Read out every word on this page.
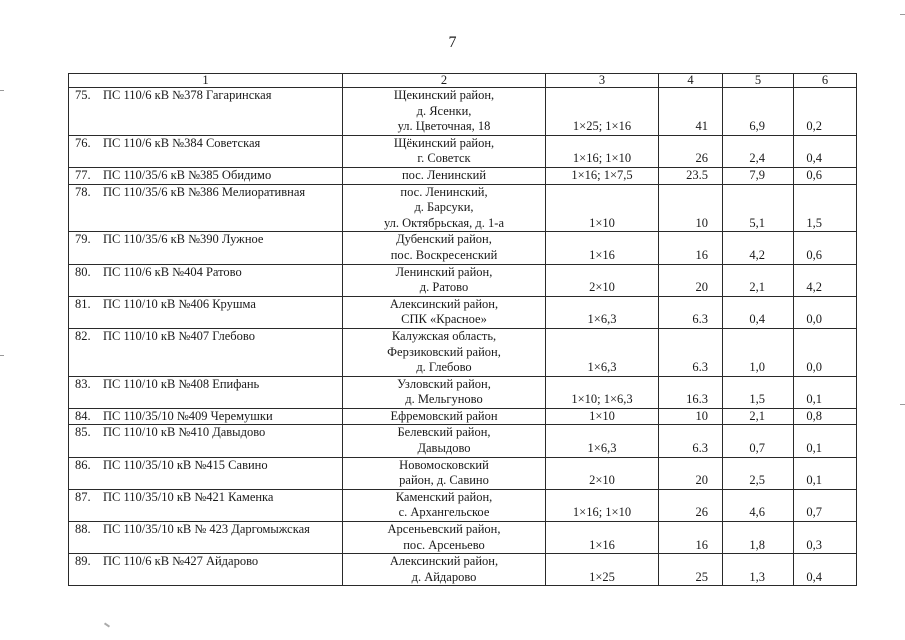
7
1	2	3	4	5	6
75. ПС 110/6 кВ №378 Гагаринская	Щекинский район,
д. Ясенки,
ул. Цветочная, 18	1×25; 1×16	41	6,9	0,2
76. ПС 110/6 кВ №384 Советская	Щёкинский район,
г. Советск	1×16; 1×10	26	2,4	0,4
77. ПС 110/35/6 кВ №385 Обидимо	пос. Ленинский	1×16; 1×7,5	23.5	7,9	0,6
78. ПС 110/35/6 кВ №386 Мелиоративная	пос. Ленинский,
д. Барсуки,
ул. Октябрьская, д. 1-а	1×10	10	5,1	1,5
79. ПС 110/35/6 кВ №390 Лужное	Дубенский район,
пос. Воскресенский	1×16	16	4,2	0,6
80. ПС 110/6 кВ №404 Ратово	Ленинский район,
д. Ратово	2×10	20	2,1	4,2
81. ПС 110/10 кВ №406 Крушма	Алексинский район,
СПК «Красное»	1×6,3	6.3	0,4	0,0
82. ПС 110/10 кВ №407 Глебово	Калужская область,
Ферзиковский район,
д. Глебово	1×6,3	6.3	1,0	0,0
83. ПС 110/10 кВ №408 Епифань	Узловский район,
д. Мельгуново	1×10; 1×6,3	16.3	1,5	0,1
84. ПС 110/35/10 №409 Черемушки	Ефремовский район	1×10	10	2,1	0,8
85. ПС 110/10 кВ №410 Давыдово	Белевский район,
Давыдово	1×6,3	6.3	0,7	0,1
86. ПС 110/35/10 кВ №415 Савино	Новомосковский
район, д. Савино	2×10	20	2,5	0,1
87. ПС 110/35/10 кВ №421 Каменка	Каменский район,
с. Архангельское	1×16; 1×10	26	4,6	0,7
88. ПС 110/35/10 кВ № 423 Даргомыжская	Арсеньевский район,
пос. Арсеньево	1×16	16	1,8	0,3
89. ПС 110/6 кВ №427 Айдарово	Алексинский район,
д. Айдарово	1×25	25	1,3	0,4
